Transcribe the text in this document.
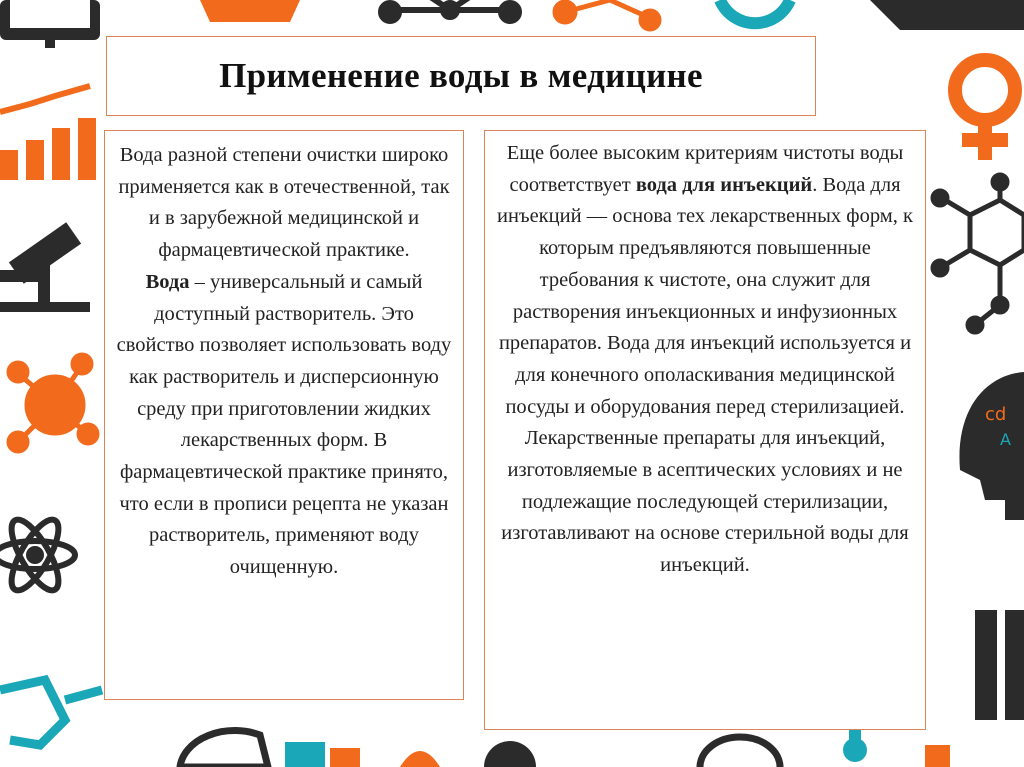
cd
A
Применение воды в медицине

Вода разной степени очистки широко применяется как в отечественной, так и в зарубежной медицинской и фармацевтической практике.
Вода – универсальный и самый доступный растворитель. Это свойство позволяет использовать воду как растворитель и дисперсионную среду при приготовлении жидких лекарственных форм. В фармацевтической практике принято, что если в прописи рецепта не указан растворитель, применяют воду очищенную.

Еще более высоким критериям чистоты воды соответствует вода для инъекций. Вода для инъекций — основа тех лекарственных форм, к которым предъявляются повышенные требования к чистоте, она служит для растворения инъекционных и инфузионных препаратов. Вода для инъекций используется и для конечного ополаскивания медицинской посуды и оборудования перед стерилизацией.

Лекарственные препараты для инъекций, изготовляемые в асептических условиях и не подлежащие последующей стерилизации, изготавливают на основе стерильной воды для инъекций.
